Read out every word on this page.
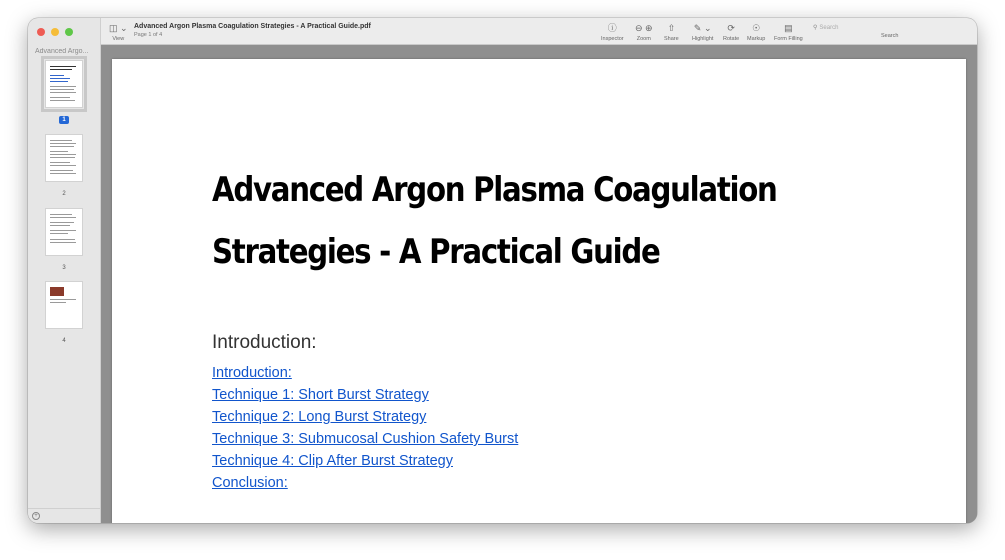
Advanced Argo...
1
2
3
4
+
◫ ⌄
View
Advanced Argon Plasma Coagulation Strategies - A Practical Guide.pdf
Page 1 of 4
ⓘ
Inspector
⊖ ⊕
Zoom
⇧
Share
✎ ⌄
Highlight
⟳
Rotate
☉
Markup
▤
Form Filling
⚲ Search
Search
Advanced Argon Plasma Coagulation
Strategies - A Practical Guide
Introduction:
Introduction:
Technique 1: Short Burst Strategy
Technique 2: Long Burst Strategy
Technique 3: Submucosal Cushion Safety Burst
Technique 4: Clip After Burst Strategy
Conclusion:
